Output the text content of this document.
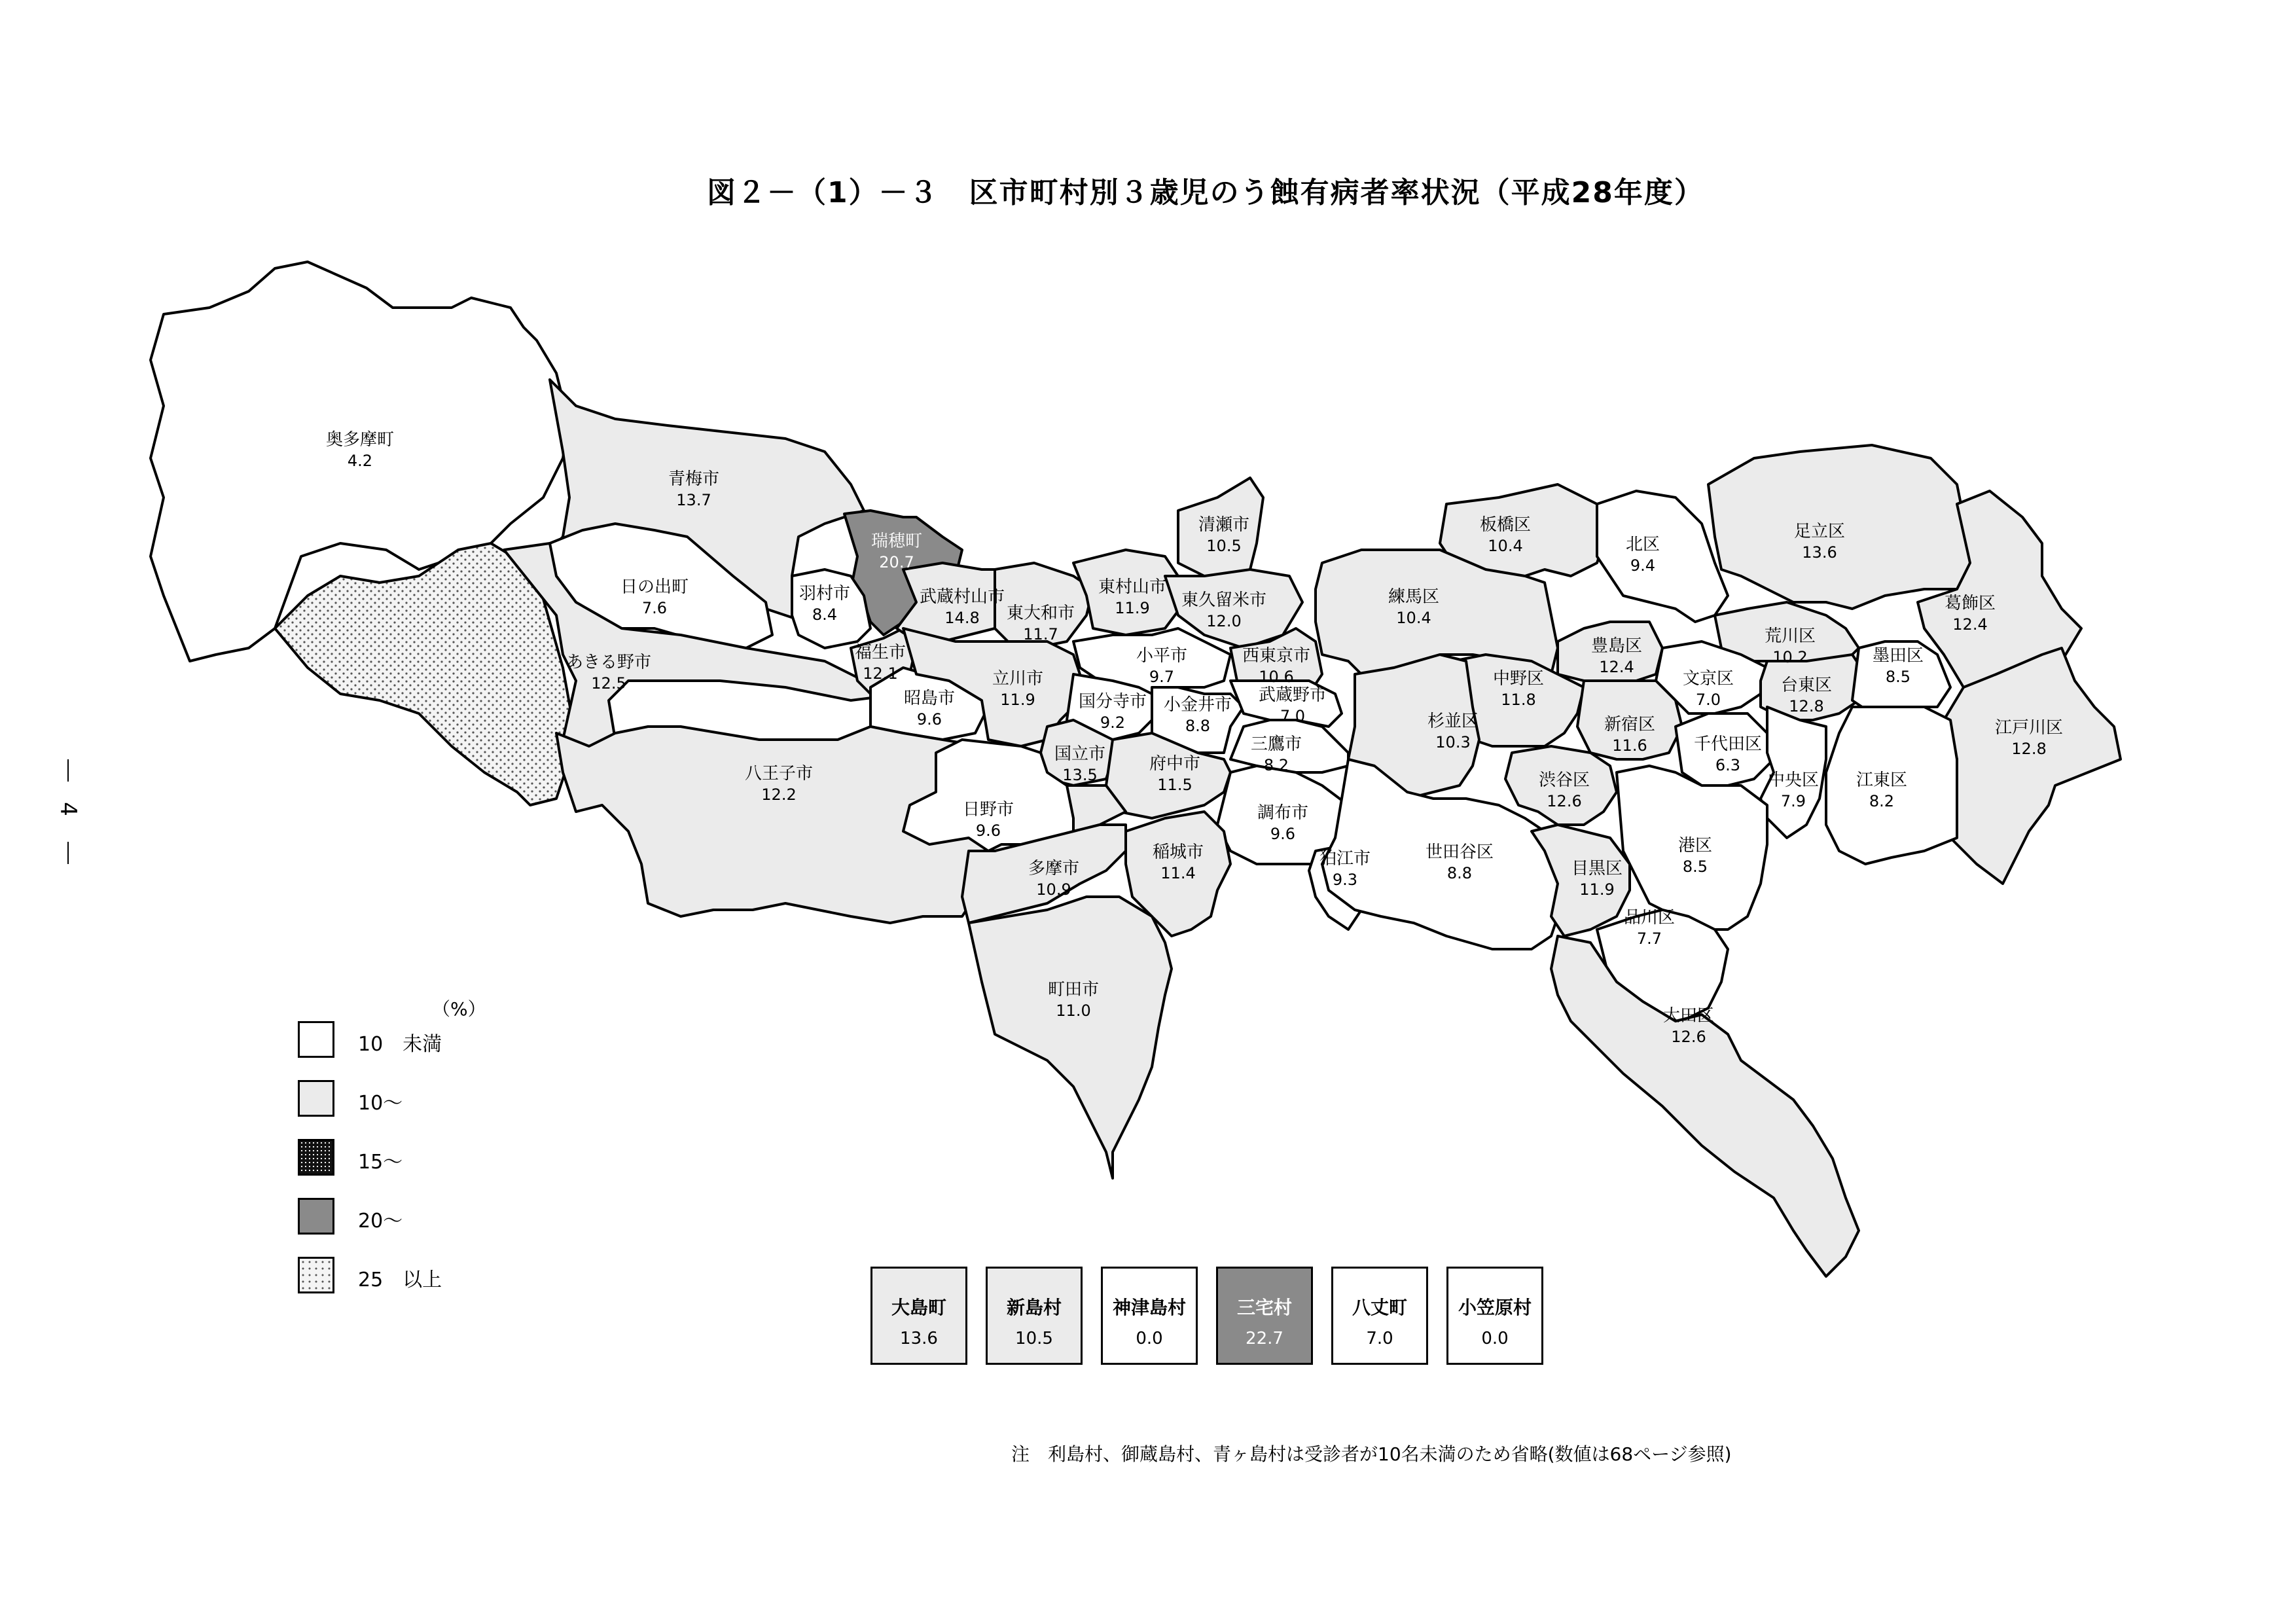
図２－（1）－３　区市町村別３歳児のう蝕有病者率状況（平成28年度）
4
奥多摩町
4.2
青梅市
13.7
瑞穂町
20.7
羽村市
8.4
日の出町
7.6
あきる野市
12.5
福生市
12.1
武蔵村山市
14.8 東大和市
11.7
東村山市
11.9
清瀬市
10.5
東久留米市
12.0
西東京市
10.6
小平市
9.7
昭島市
9.6
立川市
11.9	国分寺市
9.2
小金井市
8.8
武蔵野市
7.0
三鷹市
8.2
国立市
13.5
府中市
11.5
調布市
9.6
狛江市
9.3
八王子市
12.2
日野市
9.6
多摩市
10.9
稲城市
11.4
町田市
11.0
板橋区
10.4	北区
9.4
足立区
13.6
葛飾区
12.4
練馬区
10.4
豊島区
12.4
荒川区
10.2
文京区
7.0
台東区
12.8
墨田区
8.5
江戸川区
12.8
中野区
11.8
杉並区
10.3
新宿区
11.6	千代田区
6.3
渋谷区
12.6
中央区
7.9
江東区
8.2
港区
8.5
世田谷区
8.8	目黒区
11.9
品川区
7.7
大田区
12.6
（%）
10　未満
10～
15～
20～
25　以上
大島町
13.6
新島村
10.5
神津島村
0.0
三宅村
22.7
八丈町
7.0
小笠原村
0.0
注　利島村、御蔵島村、青ヶ島村は受診者が10名未満のため省略(数値は68ページ参照)
